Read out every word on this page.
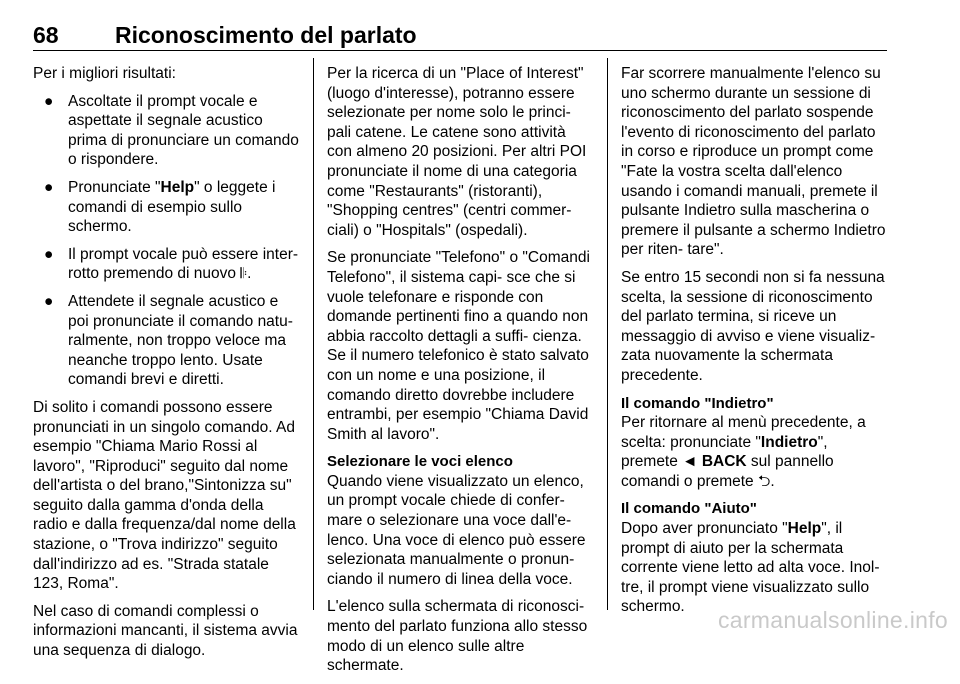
68 Riconoscimento del parlato

Per i migliori risultati:

● Ascoltate il prompt vocale e aspettate il segnale acustico prima di pronunciare un comando o rispondere.
● Pronunciate "Help" o leggete i comandi di esempio sullo schermo.
● Il prompt vocale può essere inter- rotto premendo di nuovo 𝄆.
● Attendete il segnale acustico e poi pronunciate il comando natu- ralmente, non troppo veloce ma neanche troppo lento. Usate comandi brevi e diretti.

Di solito i comandi possono essere pronunciati in un singolo comando. Ad esempio "Chiama Mario Rossi al lavoro", "Riproduci" seguito dal nome dell'artista o del brano,"Sintonizza su" seguito dalla gamma d'onda della radio e dalla frequenza/dal nome della stazione, o "Trova indirizzo" seguito dall'indirizzo ad es. "Strada statale 123, Roma".

Nel caso di comandi complessi o informazioni mancanti, il sistema avvia una sequenza di dialogo.

Per la ricerca di un "Place of Interest" (luogo d'interesse), potranno essere selezionate per nome solo le princi- pali catene. Le catene sono attività con almeno 20 posizioni. Per altri POI pronunciate il nome di una categoria come "Restaurants" (ristoranti), "Shopping centres" (centri commer- ciali) o "Hospitals" (ospedali).

Se pronunciate "Telefono" o "Comandi Telefono", il sistema capi- sce che si vuole telefonare e risponde con domande pertinenti fino a quando non abbia raccolto dettagli a suffi- cienza. Se il numero telefonico è stato salvato con un nome e una posizione, il comando diretto dovrebbe includere entrambi, per esempio "Chiama David Smith al lavoro".

Selezionare le voci elenco

Quando viene visualizzato un elenco, un prompt vocale chiede di confer- mare o selezionare una voce dall'e- lenco. Una voce di elenco può essere selezionata manualmente o pronun- ciando il numero di linea della voce.

L'elenco sulla schermata di riconosci- mento del parlato funziona allo stesso modo di un elenco sulle altre schermate.

Far scorrere manualmente l'elenco su uno schermo durante un sessione di riconoscimento del parlato sospende l'evento di riconoscimento del parlato in corso e riproduce un prompt come "Fate la vostra scelta dall'elenco usando i comandi manuali, premete il pulsante Indietro sulla mascherina o premere il pulsante a schermo Indietro per riten- tare".

Se entro 15 secondi non si fa nessuna scelta, la sessione di riconoscimento del parlato termina, si riceve un messaggio di avviso e viene visualiz- zata nuovamente la schermata precedente.

Il comando "Indietro"

Per ritornare al menù precedente, a scelta: pronunciate "Indietro", premete ◄ BACK sul pannello comandi o premete ⮌.

Il comando "Aiuto"

Dopo aver pronunciato "Help", il prompt di aiuto per la schermata corrente viene letto ad alta voce. Inol- tre, il prompt viene visualizzato sullo schermo.

carmanualsonline.info
